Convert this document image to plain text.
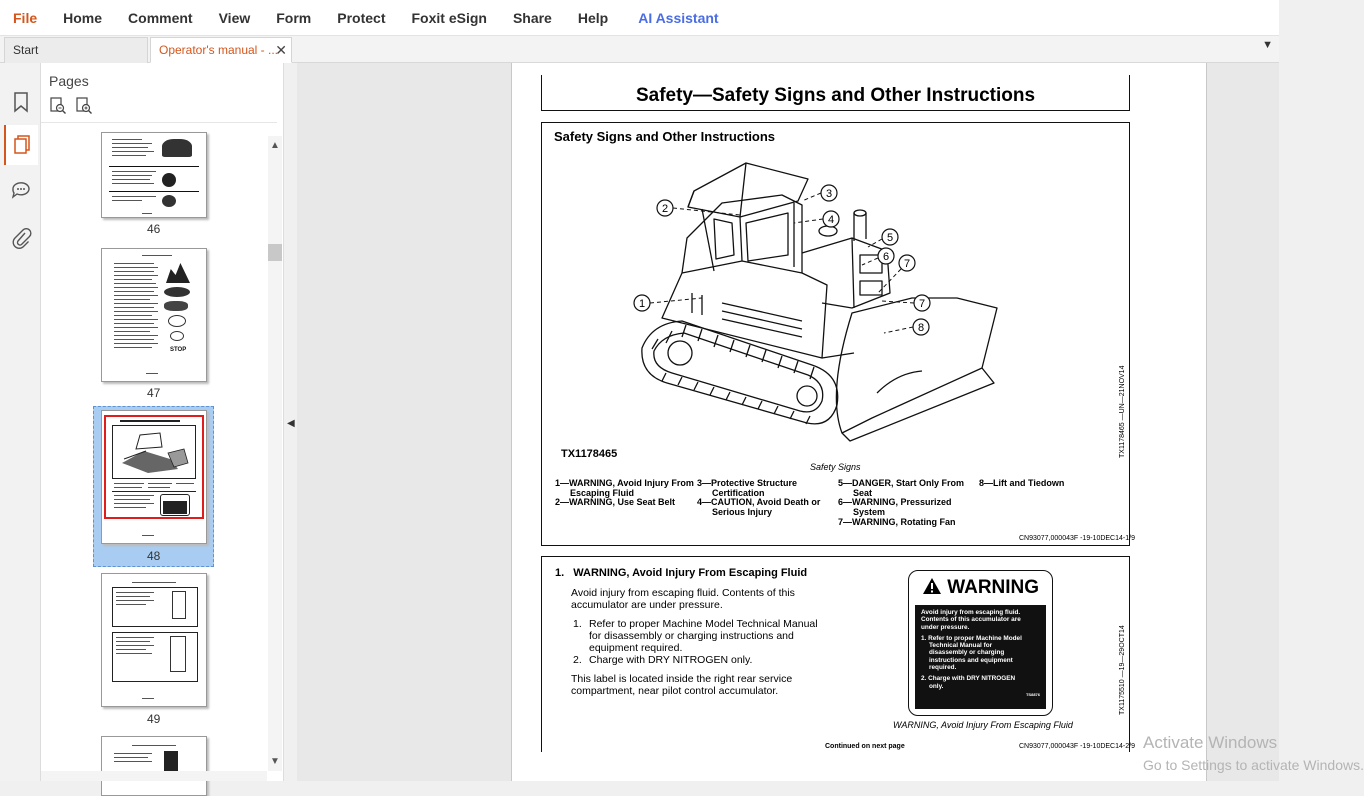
File	Home	Comment	View	Form	Protect	Foxit eSign	Share	Help	AI Assistant
Start	Operator's manual - ...
✕	▼
Pages
46
STOP
47
48
49
▲
▼
◀
Safety—Safety Signs and Other Instructions
Safety Signs and Other Instructions
1
2
3
4
5
6
7
7
8
TX1178465
Safety Signs
TX1178465 —UN—21NOV14
1—WARNING, Avoid Injury From
Escaping Fluid
2—WARNING, Use Seat Belt
3—Protective Structure
Certification
4—CAUTION, Avoid Death or
Serious Injury
5—DANGER, Start Only From
Seat
6—WARNING, Pressurized
System
7—WARNING, Rotating Fan
8—Lift and Tiedown
CN93077,000043F -19-10DEC14-1/9
1. WARNING, Avoid Injury From Escaping Fluid
Avoid injury from escaping fluid. Contents of this
accumulator are under pressure.
1. Refer to proper Machine Model Technical Manual
for disassembly or charging instructions and
equipment required.
2. Charge with DRY NITROGEN only.
This label is located inside the right rear service
compartment, near pilot control accumulator.
WARNING
Avoid injury from escaping fluid.
Contents of this accumulator are
under pressure.
1. Refer to proper Machine Model
Technical Manual for
disassembly or charging
instructions and equipment
required.
2. Charge with DRY NITROGEN
only.
TS8876
WARNING, Avoid Injury From Escaping Fluid
TX1175510 —19—29OCT14
Continued on next page	CN93077,000043F -19-10DEC14-2/9 Activate Windows
Go to Settings to activate Windows.
